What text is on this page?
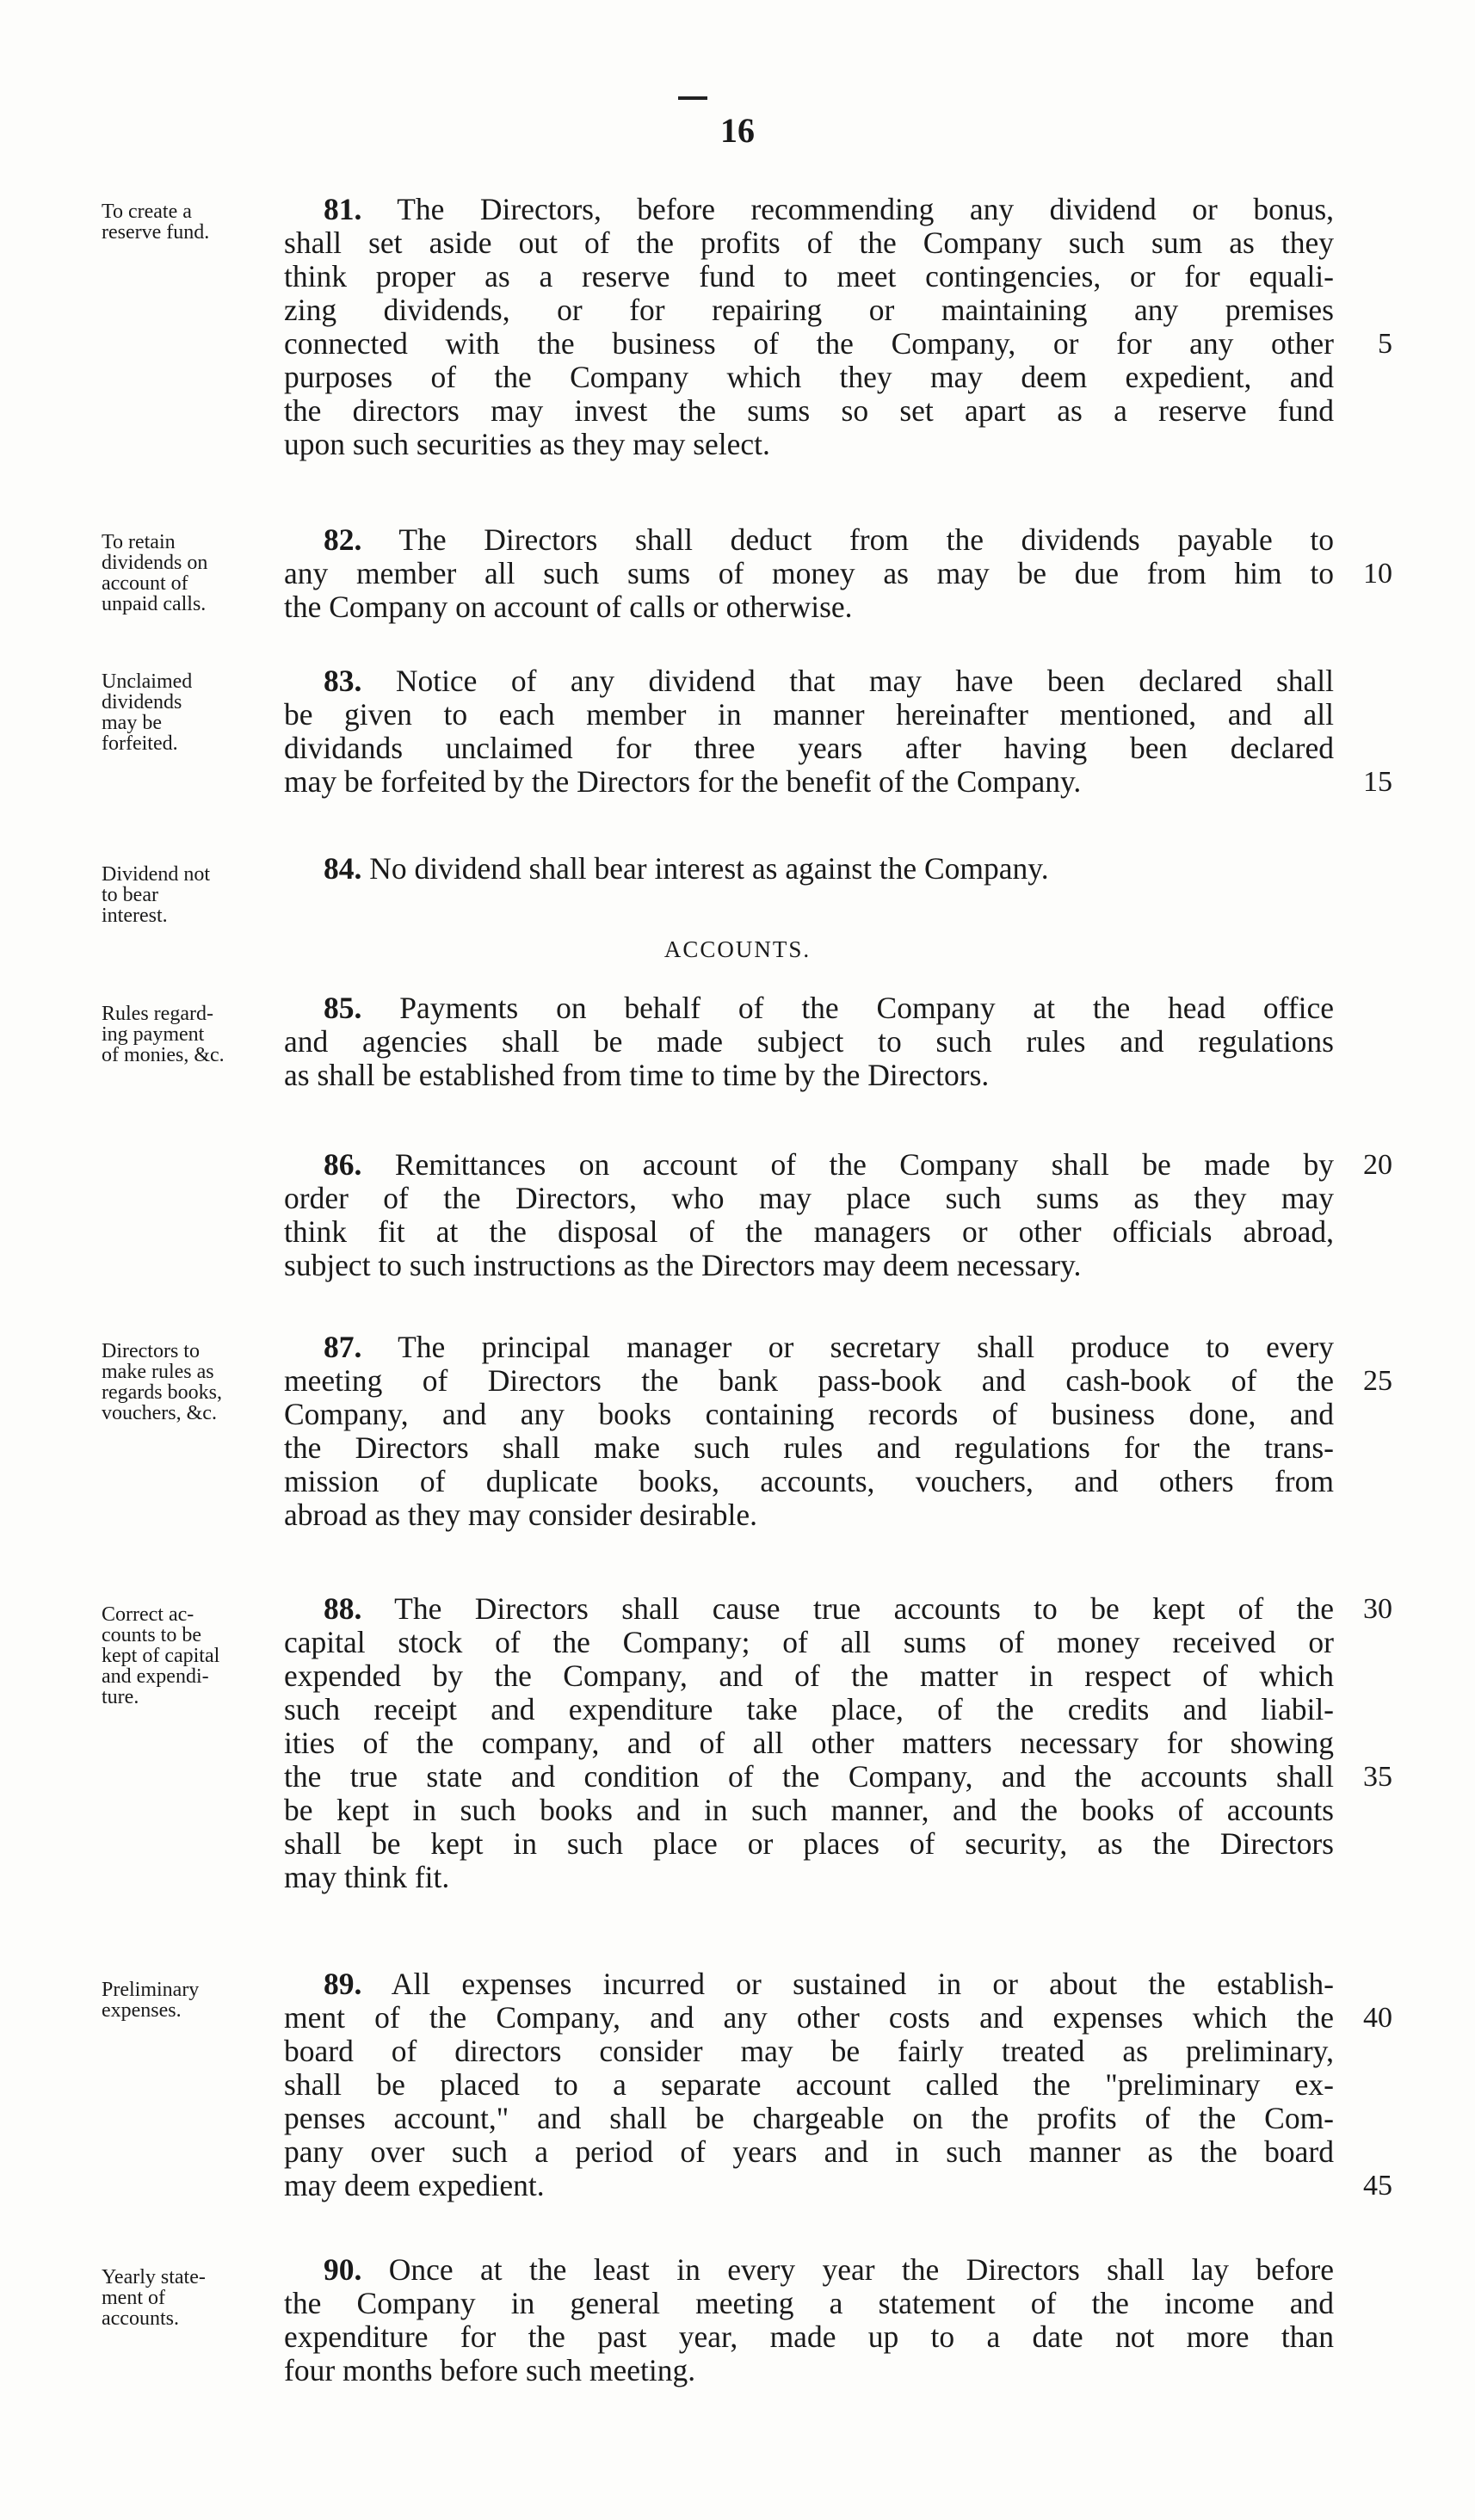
16
ACCOUNTS.
To create a
reserve fund.
81. The Directors, before recommending any dividend or bonus,
shall set aside out of the profits of the Company such sum as they
think proper as a reserve fund to meet contingencies, or for equali-
zing dividends, or for repairing or maintaining any premises
connected with the business of the Company, or for any other
purposes of the Company which they may deem expedient, and
the directors may invest the sums so set apart as a reserve fund
upon such securities as they may select.
5
To retain
dividends on
account of
unpaid calls.
82. The Directors shall deduct from the dividends payable to
any member all such sums of money as may be due from him to
the Company on account of calls or otherwise.
10
Unclaimed
dividends
may be
forfeited.
83. Notice of any dividend that may have been declared shall
be given to each member in manner hereinafter mentioned, and all
dividands unclaimed for three years after having been declared
may be forfeited by the Directors for the benefit of the Company.	15
Dividend not
to bear
interest.
84. No dividend shall bear interest as against the Company.
Rules regard-
ing payment
of monies, &c.
85. Payments on behalf of the Company at the head office
and agencies shall be made subject to such rules and regulations
as shall be established from time to time by the Directors.
86. Remittances on account of the Company shall be made by
order of the Directors, who may place such sums as they may
think fit at the disposal of the managers or other officials abroad,
subject to such instructions as the Directors may deem necessary.
20
Directors to
make rules as
regards books,
vouchers, &c.
87. The principal manager or secretary shall produce to every
meeting of Directors the bank pass-book and cash-book of the
Company, and any books containing records of business done, and
the Directors shall make such rules and regulations for the trans-
mission of duplicate books, accounts, vouchers, and others from
abroad as they may consider desirable.
25
Correct ac-
counts to be
kept of capital
and expendi-
ture.
88. The Directors shall cause true accounts to be kept of the
capital stock of the Company; of all sums of money received or
expended by the Company, and of the matter in respect of which
such receipt and expenditure take place, of the credits and liabil-
ities of the company, and of all other matters necessary for showing
the true state and condition of the Company, and the accounts shall
be kept in such books and in such manner, and the books of accounts
shall be kept in such place or places of security, as the Directors
may think fit.
30
35
Preliminary
expenses.
89. All expenses incurred or sustained in or about the establish-
ment of the Company, and any other costs and expenses which the
board of directors consider may be fairly treated as preliminary,
shall be placed to a separate account called the "preliminary ex-
penses account," and shall be chargeable on the profits of the Com-
pany over such a period of years and in such manner as the board
may deem expedient.
40
45
Yearly state-
ment of
accounts.
90. Once at the least in every year the Directors shall lay before
the Company in general meeting a statement of the income and
expenditure for the past year, made up to a date not more than
four months before such meeting.
